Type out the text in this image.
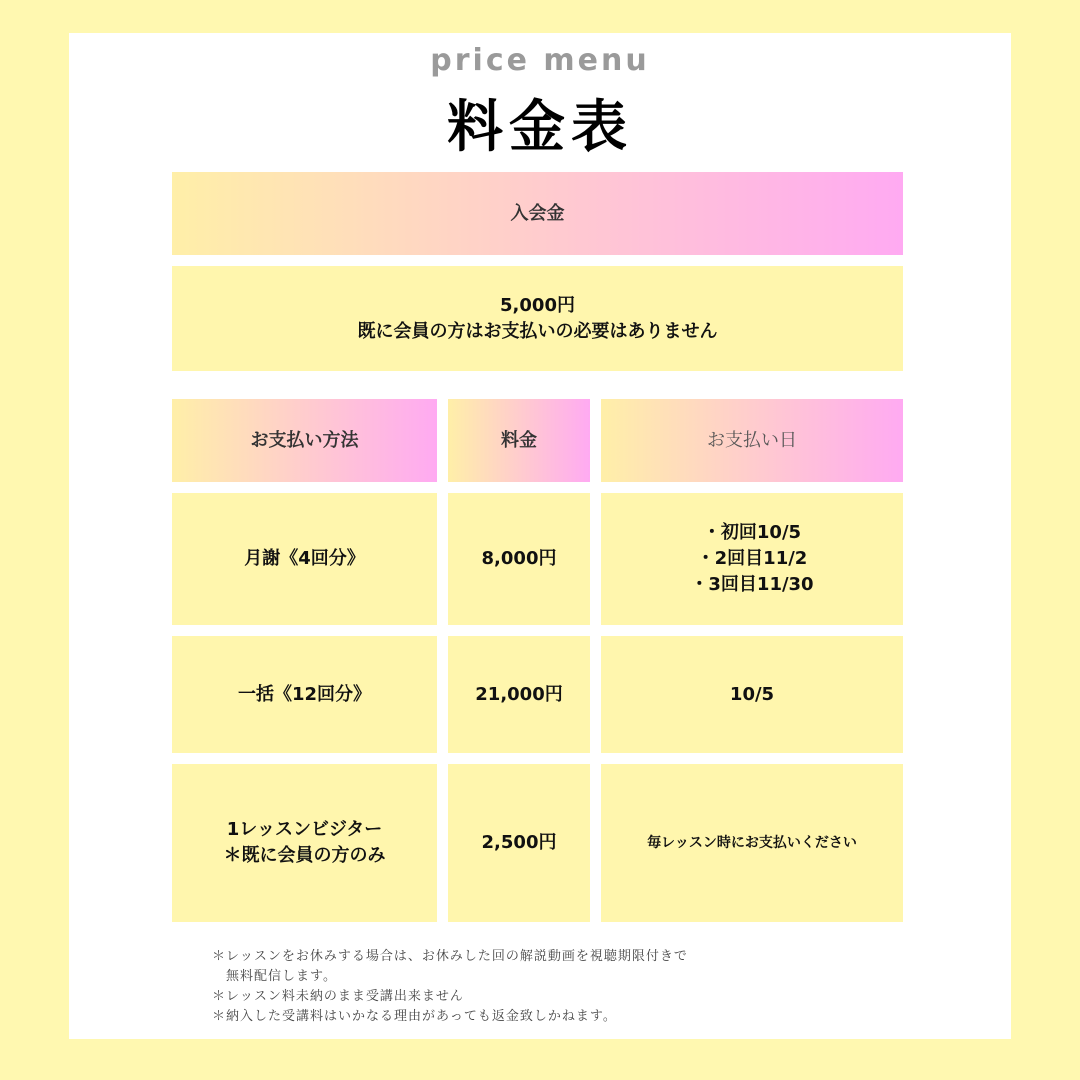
price menu
料金表
入会金
5,000円
既に会員の方はお支払いの必要はありません
お支払い方法	料金	お支払い日
月謝《4回分》	8,000円
・初回10/5
・2回目11/2
・3回目11/30
一括《12回分》	21,000円	10/5
1レッスンビジター
＊既に会員の方のみ
2,500円	毎レッスン時にお支払いください
＊レッスンをお休みする場合は、お休みした回の解説動画を視聴期限付きで
無料配信します。
＊レッスン料未納のまま受講出来ません
＊納入した受講料はいかなる理由があっても返金致しかねます。
